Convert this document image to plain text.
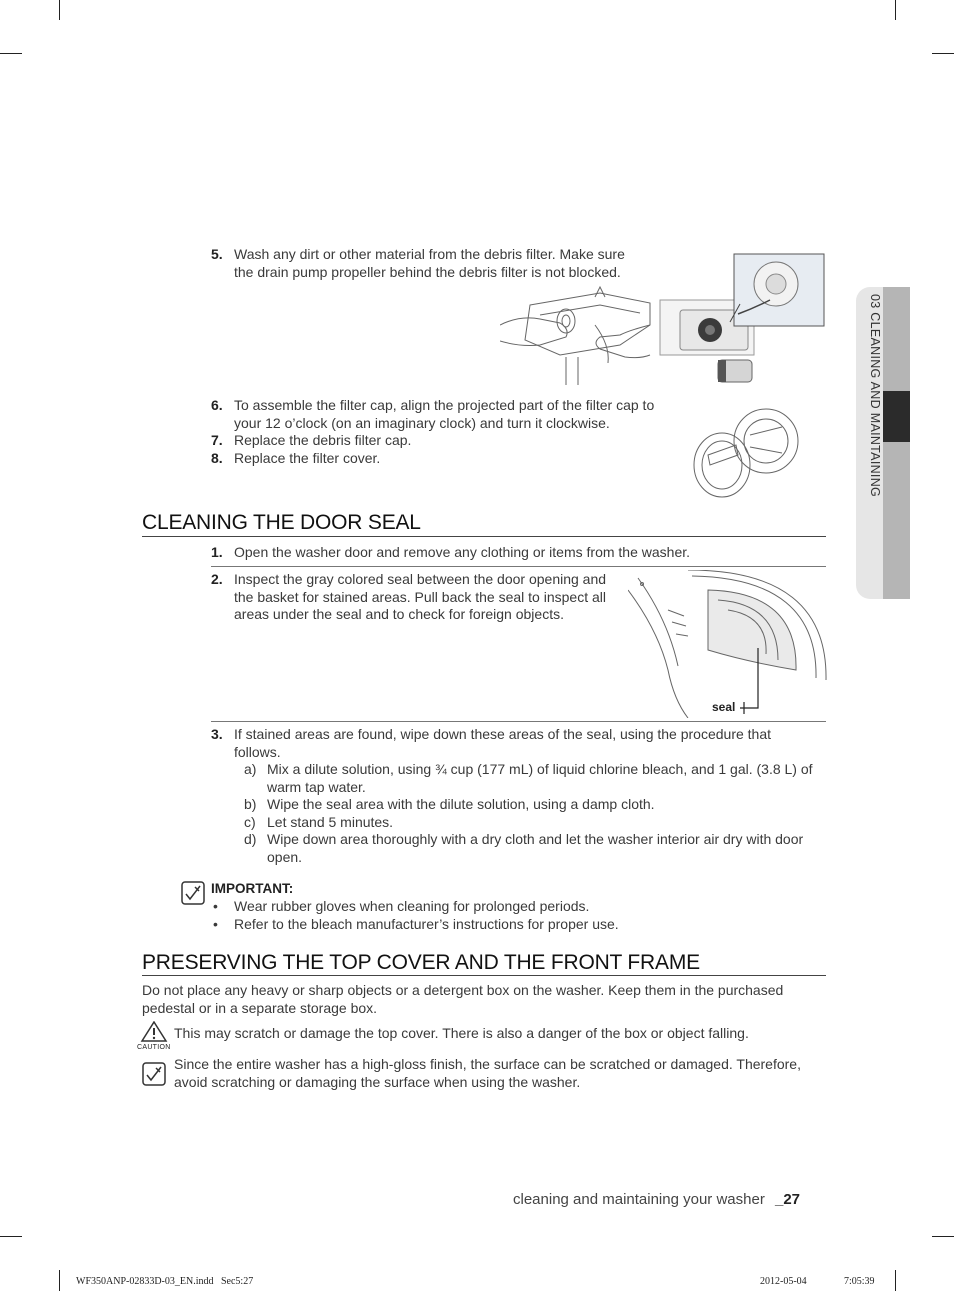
03 CLEANING AND MAINTAINING
5. Wash any dirt or other material from the debris filter. Make sure the drain pump propeller behind the debris filter is not blocked.
6. To assemble the filter cap, align the projected part of the filter cap to your 12 o’clock (on an imaginary clock) and turn it clockwise.
7. Replace the debris filter cap.
8. Replace the filter cover.
CLEANING THE DOOR SEAL
1. Open the washer door and remove any clothing or items from the washer.
2. Inspect the gray colored seal between the door opening and the basket for stained areas. Pull back the seal to inspect all areas under the seal and to check for foreign objects.
seal
3. If stained areas are found, wipe down these areas of the seal, using the procedure that follows.
a) Mix a dilute solution, using ¾ cup (177 mL) of liquid chlorine bleach, and 1 gal. (3.8 L) of warm tap water.
b) Wipe the seal area with the dilute solution, using a damp cloth.
c) Let stand 5 minutes.
d) Wipe down area thoroughly with a dry cloth and let the washer interior air dry with door open.
IMPORTANT:
• Wear rubber gloves when cleaning for prolonged periods.
• Refer to the bleach manufacturer’s instructions for proper use.
PRESERVING THE TOP COVER AND THE FRONT FRAME
Do not place any heavy or sharp objects or a detergent box on the washer. Keep them in the purchased pedestal or in a separate storage box.
CAUTION
This may scratch or damage the top cover. There is also a danger of the box or object falling.
Since the entire washer has a high-gloss finish, the surface can be scratched or damaged. Therefore, avoid scratching or damaging the surface when using the washer.
cleaning and maintaining your washer _27
WF350ANP-02833D-03_EN.indd   Sec5:27	2012-05-04	7:05:39
